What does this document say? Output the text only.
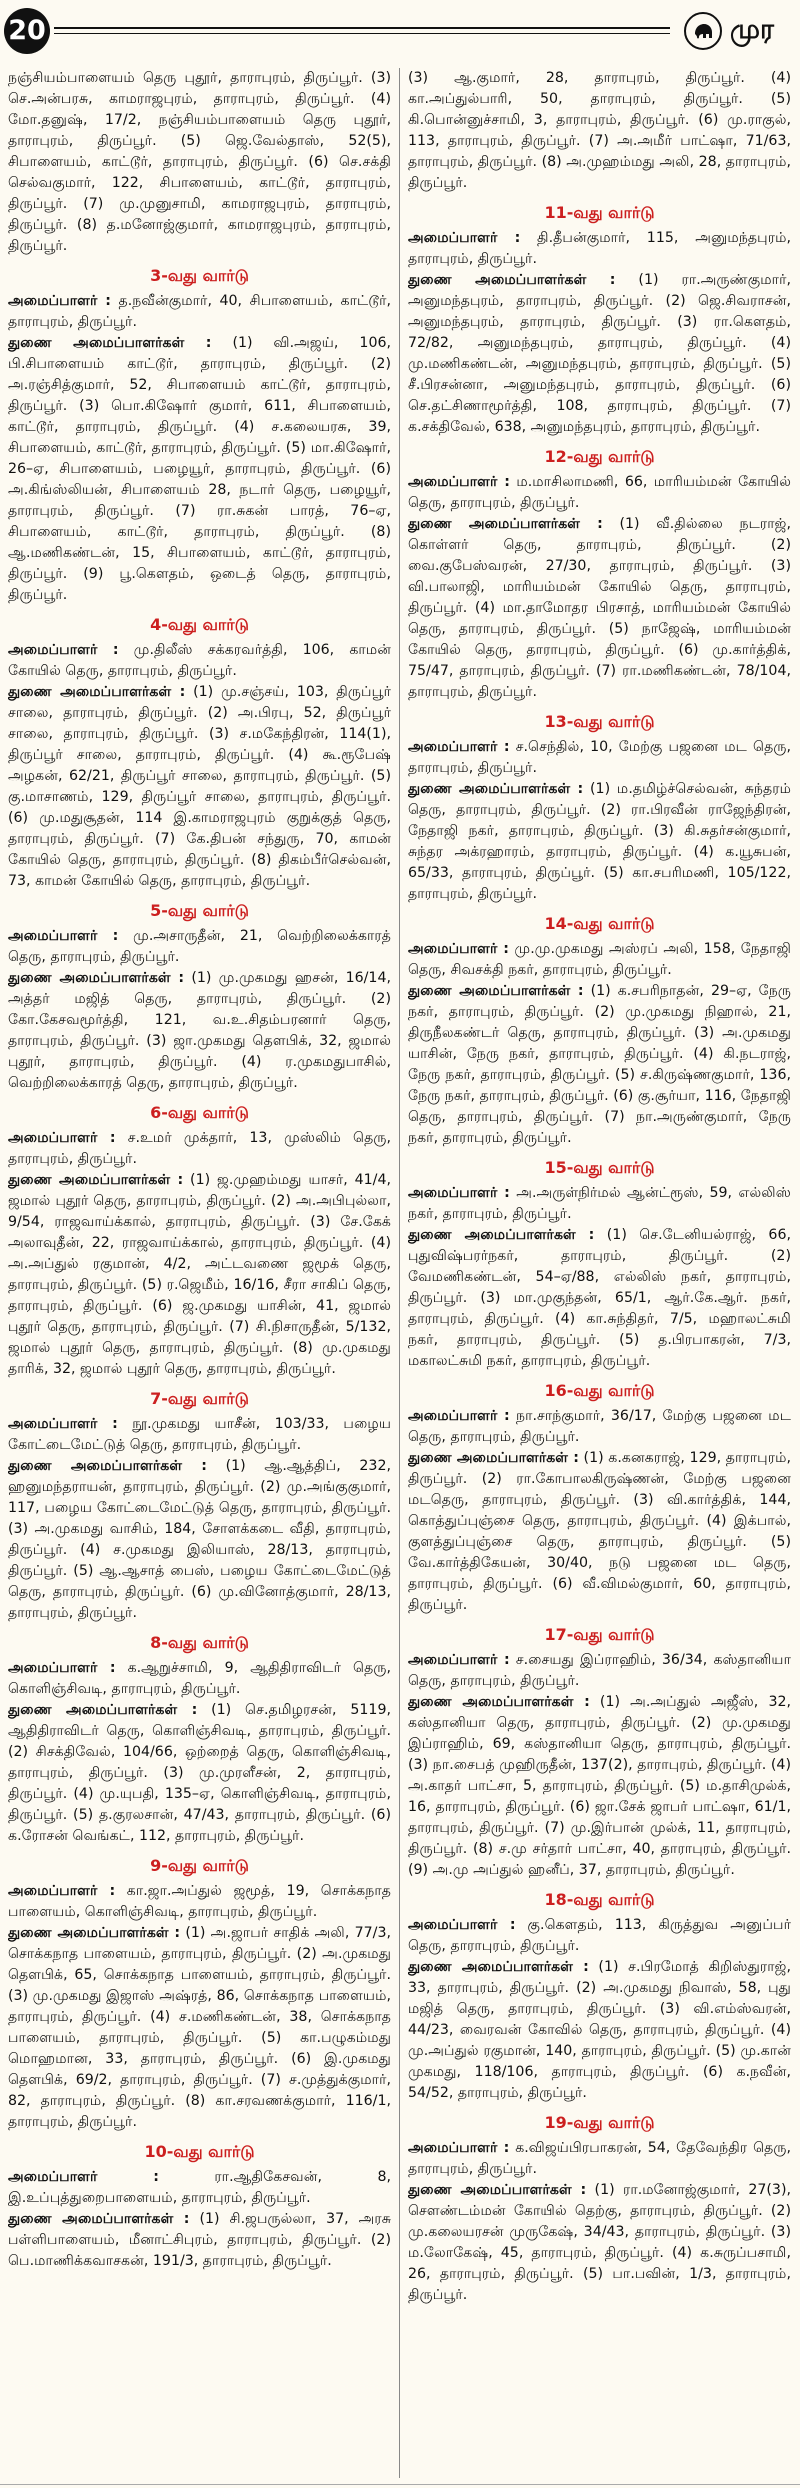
20	முர

நஞ்சியம்பாளையம் தெரு புதூர், தாராபுரம், திருப்பூர். (3) செ.அன்பரசு, காமராஜபுரம், தாராபுரம், திருப்பூர். (4) மோ.தனுஷ், 17/2, நஞ்சியம்பாளையம் தெரு புதூர், தாராபுரம், திருப்பூர். (5) ஜெ.வேல்தாஸ், 52(5), சிபாளையம், காட்டூர், தாராபுரம், திருப்பூர். (6) செ.சக்தி செல்வகுமார், 122, சிபாளையம், காட்டூர், தாராபுரம், திருப்பூர். (7) மு.முனுசாமி, காமராஜபுரம், தாராபுரம், திருப்பூர். (8) த.மனோஜ்குமார், காமராஜபுரம், தாராபுரம், திருப்பூர்.

3-வது வார்டு

அமைப்பாளர் : த.நவீன்குமார், 40, சிபாளையம், காட்டூர், தாராபுரம், திருப்பூர்.

துணை அமைப்பாளர்கள் : (1) வி.அஜய், 106, பி.சிபாளையம் காட்டூர், தாராபுரம், திருப்பூர். (2) அ.ரஞ்சித்குமார், 52, சிபாளையம் காட்டூர், தாராபுரம், திருப்பூர். (3) பொ.கிஷோர் குமார், 611, சிபாளையம், காட்டூர், தாராபுரம், திருப்பூர். (4) ச.கலையரசு, 39, சிபாளையம், காட்டூர், தாராபுரம், திருப்பூர். (5) மா.கிஷோர், 26–ஏ, சிபாளையம், பழையூர், தாராபுரம், திருப்பூர். (6) அ.கிங்ஸ்லியன், சிபாளையம் 28, நடார் தெரு, பழையூர், தாராபுரம், திருப்பூர். (7) ரா.சுகன் பாரத், 76–ஏ, சிபாளையம், காட்டூர், தாராபுரம், திருப்பூர். (8) ஆ.மணிகண்டன், 15, சிபாளையம், காட்டூர், தாராபுரம், திருப்பூர். (9) பூ.கௌதம், ஒடைத் தெரு, தாராபுரம், திருப்பூர்.

4-வது வார்டு

அமைப்பாளர் : மு.திலீஸ் சக்கரவர்த்தி, 106, காமன் கோயில் தெரு, தாராபுரம், திருப்பூர்.

துணை அமைப்பாளர்கள் : (1) மு.சஞ்சய், 103, திருப்பூர் சாலை, தாராபுரம், திருப்பூர். (2) அ.பிரபு, 52, திருப்பூர் சாலை, தாராபுரம், திருப்பூர். (3) ச.மகேந்திரன், 114(1), திருப்பூர் சாலை, தாராபுரம், திருப்பூர். (4) கூ.ரூபேஷ் அழகன், 62/21, திருப்பூர் சாலை, தாராபுரம், திருப்பூர். (5) கு.மாசாணம், 129, திருப்பூர் சாலை, தாராபுரம், திருப்பூர். (6) மு.மதுசூதன், 114 இ.காமராஜபுரம் குறுக்குத் தெரு, தாராபுரம், திருப்பூர். (7) கே.திபன் சந்துரு, 70, காமன் கோயில் தெரு, தாராபுரம், திருப்பூர். (8) திகம்பீர்செல்வன், 73, காமன் கோயில் தெரு, தாராபுரம், திருப்பூர்.

5-வது வார்டு

அமைப்பாளர் : மு.அசாருதீன், 21, வெற்றிலைக்காரத் தெரு, தாராபுரம், திருப்பூர்.

துணை அமைப்பாளர்கள் : (1) மு.முகமது ஹசன், 16/14, அத்தர் மஜித் தெரு, தாராபுரம், திருப்பூர். (2) கோ.கேசவமூர்த்தி, 121, வ.உ.சிதம்பரனார் தெரு, தாராபுரம், திருப்பூர். (3) ஜா.முகமது தெளபிக், 32, ஜமால் புதூர், தாராபுரம், திருப்பூர். (4) ர.முகமதுபாசில், வெற்றிலைக்காரத் தெரு, தாராபுரம், திருப்பூர்.

6-வது வார்டு

அமைப்பாளர் : ச.உமர் முக்தார், 13, முஸ்லிம் தெரு, தாராபுரம், திருப்பூர்.

துணை அமைப்பாளர்கள் : (1) ஜ.முஹம்மது யாசர், 41/4, ஜமால் புதூர் தெரு, தாராபுரம், திருப்பூர். (2) அ.அபிபுல்லா, 9/54, ராஜவாய்க்கால், தாராபுரம், திருப்பூர். (3) சே.கேக் அலாவுதீன், 22, ராஜவாய்க்கால், தாராபுரம், திருப்பூர். (4) அ.அப்துல் ரகுமான், 4/2, அட்டவணை ஜமூக் தெரு, தாராபுரம், திருப்பூர். (5) ர.ஜெமீம், 16/16, சீரா சாகிப் தெரு, தாராபுரம், திருப்பூர். (6) ஜ.முகமது யாசின், 41, ஜமால் புதூர் தெரு, தாராபுரம், திருப்பூர். (7) சி.நிசாருதீன், 5/132, ஜமால் புதூர் தெரு, தாராபுரம், திருப்பூர். (8) மு.முகமது தாரிக், 32, ஜமால் புதூர் தெரு, தாராபுரம், திருப்பூர்.

7-வது வார்டு

அமைப்பாளர் : நூ.முகமது யாசீன், 103/33, பழைய கோட்டைமேட்டுத் தெரு, தாராபுரம், திருப்பூர்.

துணை அமைப்பாளர்கள் : (1) ஆ.ஆத்திப், 232, ஹனுமந்தராயன், தாராபுரம், திருப்பூர். (2) மு.அங்குகுமார், 117, பழைய கோட்டைமேட்டுத் தெரு, தாராபுரம், திருப்பூர். (3) அ.முகமது வாசிம், 184, சோளக்கடை வீதி, தாராபுரம், திருப்பூர். (4) ச.முகமது இலியாஸ், 28/13, தாராபுரம், திருப்பூர். (5) ஆ.ஆசாத் பைஸ், பழைய கோட்டைமேட்டுத் தெரு, தாராபுரம், திருப்பூர். (6) மு.வினோத்குமார், 28/13, தாராபுரம், திருப்பூர்.

8-வது வார்டு

அமைப்பாளர் : க.ஆறுச்சாமி, 9, ஆதிதிராவிடர் தெரு, கொளிஞ்சிவடி, தாராபுரம், திருப்பூர்.

துணை அமைப்பாளர்கள் : (1) செ.தமிழரசன், 5119, ஆதிதிராவிடர் தெரு, கொளிஞ்சிவடி, தாராபுரம், திருப்பூர். (2) சிசக்திவேல், 104/66, ஒற்றைத் தெரு, கொளிஞ்சிவடி, தாராபுரம், திருப்பூர். (3) மு.முரளீசன், 2, தாராபுரம், திருப்பூர். (4) மு.யுபதி, 135–ஏ, கொளிஞ்சிவடி, தாராபுரம், திருப்பூர். (5) த.குரலசான், 47/43, தாராபுரம், திருப்பூர். (6) க.ரோசன் வெங்கட், 112, தாராபுரம், திருப்பூர்.

9-வது வார்டு

அமைப்பாளர் : கா.ஜா.அப்துல் ஜமூத், 19, சொக்கநாத பாளையம், கொளிஞ்சிவடி, தாராபுரம், திருப்பூர்.

துணை அமைப்பாளர்கள் : (1) அ.ஜாபர் சாதிக் அலி, 77/3, சொக்கநாத பாளையம், தாராபுரம், திருப்பூர். (2) அ.முகமது தெளபிக், 65, சொக்கநாத பாளையம், தாராபுரம், திருப்பூர். (3) மு.முகமது இஜாஸ் அஷ்ரத், 86, சொக்கநாத பாளையம், தாராபுரம், திருப்பூர். (4) ச.மணிகண்டன், 38, சொக்கநாத பாளையம், தாராபுரம், திருப்பூர். (5) கா.பழுகம்மது மொஹமான, 33, தாராபுரம், திருப்பூர். (6) இ.முகமது தெளபிக், 69/2, தாராபுரம், திருப்பூர். (7) ச.முத்துக்குமார், 82, தாராபுரம், திருப்பூர். (8) கா.சரவணக்குமார், 116/1, தாராபுரம், திருப்பூர்.

10-வது வார்டு

அமைப்பாளர் : ரா.ஆதிகேசவன், 8, இ.உப்புத்துறைபாளையம், தாராபுரம், திருப்பூர்.

துணை அமைப்பாளர்கள் : (1) சி.ஜபருல்லா, 37, அரசு பள்ளிபாளையம், மீனாட்சிபுரம், தாராபுரம், திருப்பூர். (2) பெ.மாணிக்கவாசகன், 191/3, தாராபுரம், திருப்பூர்.

(3) ஆ.குமார், 28, தாராபுரம், திருப்பூர். (4) கா.அப்துல்பாரி, 50, தாராபுரம், திருப்பூர். (5) கி.பொன்னுச்சாமி, 3, தாராபுரம், திருப்பூர். (6) மு.ராகுல், 113, தாராபுரம், திருப்பூர். (7) அ.அமீர் பாட்ஷா, 71/63, தாராபுரம், திருப்பூர். (8) அ.முஹம்மது அலி, 28, தாராபுரம், திருப்பூர்.

11-வது வார்டு

அமைப்பாளர் : தி.தீபன்குமார், 115, அனுமந்தபுரம், தாராபுரம், திருப்பூர்.

துணை அமைப்பாளர்கள் : (1) ரா.அருண்குமார், அனுமந்தபுரம், தாராபுரம், திருப்பூர். (2) ஜெ.சிவராசன், அனுமந்தபுரம், தாராபுரம், திருப்பூர். (3) ரா.கௌதம், 72/82, அனுமந்தபுரம், தாராபுரம், திருப்பூர். (4) மு.மணிகண்டன், அனுமந்தபுரம், தாராபுரம், திருப்பூர். (5) சீ.பிரசன்னா, அனுமந்தபுரம், தாராபுரம், திருப்பூர். (6) செ.தட்சிணாமூர்த்தி, 108, தாராபுரம், திருப்பூர். (7) க.சக்திவேல், 638, அனுமந்தபுரம், தாராபுரம், திருப்பூர்.

12-வது வார்டு

அமைப்பாளர் : ம.மாசிலாமணி, 66, மாரியம்மன் கோயில் தெரு, தாராபுரம், திருப்பூர்.

துணை அமைப்பாளர்கள் : (1) வீ.தில்லை நடராஜ், கொள்ளர் தெரு, தாராபுரம், திருப்பூர். (2) வை.குபேஸ்வரன், 27/30, தாராபுரம், திருப்பூர். (3) வி.பாலாஜி, மாரியம்மன் கோயில் தெரு, தாராபுரம், திருப்பூர். (4) மா.தாமோதர பிரசாத், மாரியம்மன் கோயில் தெரு, தாராபுரம், திருப்பூர். (5) நாஜேஷ், மாரியம்மன் கோயில் தெரு, தாராபுரம், திருப்பூர். (6) மு.கார்த்திக், 75/47, தாராபுரம், திருப்பூர். (7) ரா.மணிகண்டன், 78/104, தாராபுரம், திருப்பூர்.

13-வது வார்டு

அமைப்பாளர் : ச.செந்தில், 10, மேற்கு பஜனை மட தெரு, தாராபுரம், திருப்பூர்.

துணை அமைப்பாளர்கள் : (1) ம.தமிழ்ச்செல்வன், சுந்தரம் தெரு, தாராபுரம், திருப்பூர். (2) ரா.பிரவீன் ராஜேந்திரன், நேதாஜி நகர், தாராபுரம், திருப்பூர். (3) கி.சுதர்சன்குமார், சுந்தர அக்ரஹாரம், தாராபுரம், திருப்பூர். (4) க.யூசுபன், 65/33, தாராபுரம், திருப்பூர். (5) கா.சபரிமணி, 105/122, தாராபுரம், திருப்பூர்.

14-வது வார்டு

அமைப்பாளர் : மு.மு.முகமது அஸ்ரப் அலி, 158, நேதாஜி தெரு, சிவசக்தி நகர், தாராபுரம், திருப்பூர்.

துணை அமைப்பாளர்கள் : (1) க.சபரிநாதன், 29–ஏ, நேரு நகர், தாராபுரம், திருப்பூர். (2) மு.முகமது நிஹால், 21, திருநீலகண்டர் தெரு, தாராபுரம், திருப்பூர். (3) அ.முகமது யாசின், நேரு நகர், தாராபுரம், திருப்பூர். (4) கி.நடராஜ், நேரு நகர், தாராபுரம், திருப்பூர். (5) ச.கிருஷ்ணகுமார், 136, நேரு நகர், தாராபுரம், திருப்பூர். (6) கு.சூர்யா, 116, நேதாஜி தெரு, தாராபுரம், திருப்பூர். (7) நா.அருண்குமார், நேரு நகர், தாராபுரம், திருப்பூர்.

15-வது வார்டு

அமைப்பாளர் : அ.அருள்நிர்மல் ஆன்ட்ரூஸ், 59, எல்லிஸ் நகர், தாராபுரம், திருப்பூர்.

துணை அமைப்பாளர்கள் : (1) செ.டேனியல்ராஜ், 66, புதுவிஷ்பரர்நகர், தாராபுரம், திருப்பூர். (2) வேமணிகண்டன், 54–ஏ/88, எல்லிஸ் நகர், தாராபுரம், திருப்பூர். (3) மா.முகுந்தன், 65/1, ஆர்.கே.ஆர். நகர், தாராபுரம், திருப்பூர். (4) கா.சுந்திதர், 7/5, மஹாலட்சுமி நகர், தாராபுரம், திருப்பூர். (5) த.பிரபாகரன், 7/3, மகாலட்சுமி நகர், தாராபுரம், திருப்பூர்.

16-வது வார்டு

அமைப்பாளர் : நா.சாந்குமார், 36/17, மேற்கு பஜனை மட தெரு, தாராபுரம், திருப்பூர்.

துணை அமைப்பாளர்கள் : (1) க.கனகராஜ், 129, தாராபுரம், திருப்பூர். (2) ரா.கோபாலகிருஷ்ணன், மேற்கு பஜனை மடதெரு, தாராபுரம், திருப்பூர். (3) வி.கார்த்திக், 144, கொத்துப்புஞ்சை தெரு, தாராபுரம், திருப்பூர். (4) இக்பால், குளத்துப்புஞ்சை தெரு, தாராபுரம், திருப்பூர். (5) வே.கார்த்திகேயன், 30/40, நடு பஜனை மட தெரு, தாராபுரம், திருப்பூர். (6) வீ.விமல்குமார், 60, தாராபுரம், திருப்பூர்.

17-வது வார்டு

அமைப்பாளர் : ச.சையது இப்ராஹிம், 36/34, கஸ்தானியா தெரு, தாராபுரம், திருப்பூர்.

துணை அமைப்பாளர்கள் : (1) அ.அப்துல் அஜீஸ், 32, கஸ்தானியா தெரு, தாராபுரம், திருப்பூர். (2) மு.முகமது இப்ராஹிம், 69, கஸ்தானியா தெரு, தாராபுரம், திருப்பூர். (3) நா.சைபத் முஹிருதீன், 137(2), தாராபுரம், திருப்பூர். (4) அ.காதர் பாட்சா, 5, தாராபுரம், திருப்பூர். (5) ம.தாசிமுல்க், 16, தாராபுரம், திருப்பூர். (6) ஜா.சேக் ஜாபர் பாட்ஷா, 61/1, தாராபுரம், திருப்பூர். (7) மு.இர்பான் முல்க், 11, தாராபுரம், திருப்பூர். (8) ச.மு சர்தார் பாட்சா, 40, தாராபுரம், திருப்பூர். (9) அ.மு அப்துல் ஹனீப், 37, தாராபுரம், திருப்பூர்.

18-வது வார்டு

அமைப்பாளர் : கு.கௌதம், 113, கிருத்துவ அனுப்பர் தெரு, தாராபுரம், திருப்பூர்.

துணை அமைப்பாளர்கள் : (1) ச.பிரமோத் கிறிஸ்துராஜ், 33, தாராபுரம், திருப்பூர். (2) அ.முகமது நிவாஸ், 58, புது மஜித் தெரு, தாராபுரம், திருப்பூர். (3) வி.எம்ஸ்வரன், 44/23, வைரவன் கோவில் தெரு, தாராபுரம், திருப்பூர். (4) மு.அப்துல் ரகுமான், 140, தாராபுரம், திருப்பூர். (5) மு.கான் முகமது, 118/106, தாராபுரம், திருப்பூர். (6) க.நவீன், 54/52, தாராபுரம், திருப்பூர்.

19-வது வார்டு

அமைப்பாளர் : க.விஜய்பிரபாகரன், 54, தேவேந்திர தெரு, தாராபுரம், திருப்பூர்.

துணை அமைப்பாளர்கள் : (1) ரா.மனோஜ்குமார், 27(3), சௌண்டம்மன் கோயில் தெற்கு, தாராபுரம், திருப்பூர். (2) மு.கலையரசன் முருகேஷ், 34/43, தாராபுரம், திருப்பூர். (3) ம.லோகேஷ், 45, தாராபுரம், திருப்பூர். (4) க.சுருப்பசாமி, 26, தாராபுரம், திருப்பூர். (5) பா.பவின், 1/3, தாராபுரம், திருப்பூர்.
